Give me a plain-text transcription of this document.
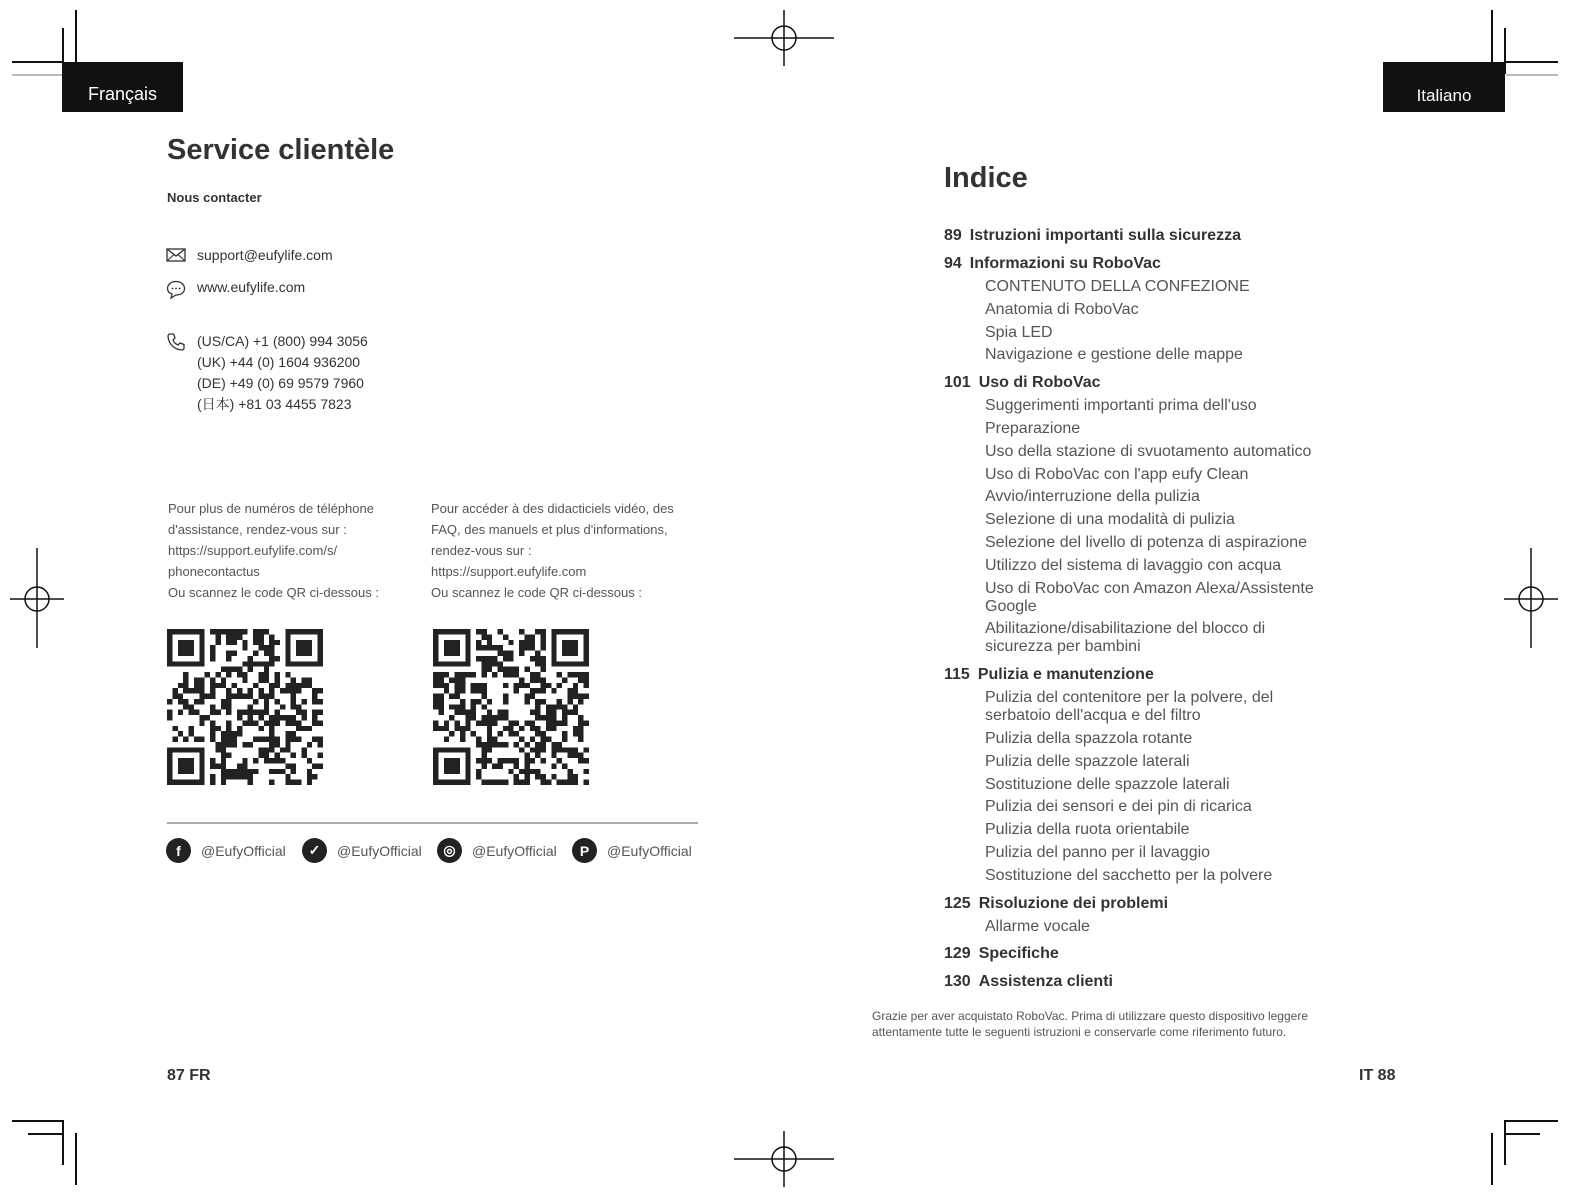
Français
Service clientèle
Nous contacter
support@eufylife.com
www.eufylife.com
(US/CA) +1 (800) 994 3056
(UK) +44 (0) 1604 936200
(DE) +49 (0) 69 9579 7960
(日本) +81 03 4455 7823
Pour plus de numéros de téléphone
d'assistance, rendez-vous sur :
https://support.eufylife.com/s/
phonecontactus
Ou scannez le code QR ci-dessous :
Pour accéder à des didacticiels vidéo, des
FAQ, des manuels et plus d'informations,
rendez-vous sur :
https://support.eufylife.com
Ou scannez le code QR ci-dessous :
f	@EufyOfficial	✓	@EufyOfficial	◎	@EufyOfficial	P	@EufyOfficial
87 FR
Italiano
Indice
89 Istruzioni importanti sulla sicurezza
94 Informazioni su RoboVac
CONTENUTO DELLA CONFEZIONE
Anatomia di RoboVac
Spia LED
Navigazione e gestione delle mappe
101 Uso di RoboVac
Suggerimenti importanti prima dell'uso
Preparazione
Uso della stazione di svuotamento automatico
Uso di RoboVac con l'app eufy Clean
Avvio/interruzione della pulizia
Selezione di una modalità di pulizia
Selezione del livello di potenza di aspirazione
Utilizzo del sistema di lavaggio con acqua
Uso di RoboVac con Amazon Alexa/Assistente Google
Abilitazione/disabilitazione del blocco di sicurezza per bambini
115 Pulizia e manutenzione
Pulizia del contenitore per la polvere, del serbatoio dell'acqua e del filtro
Pulizia della spazzola rotante
Pulizia delle spazzole laterali
Sostituzione delle spazzole laterali
Pulizia dei sensori e dei pin di ricarica
Pulizia della ruota orientabile
Pulizia del panno per il lavaggio
Sostituzione del sacchetto per la polvere
125 Risoluzione dei problemi
Allarme vocale
129 Specifiche
130 Assistenza clienti
Grazie per aver acquistato RoboVac. Prima di utilizzare questo dispositivo leggere
attentamente tutte le seguenti istruzioni e conservarle come riferimento futuro.
IT 88
